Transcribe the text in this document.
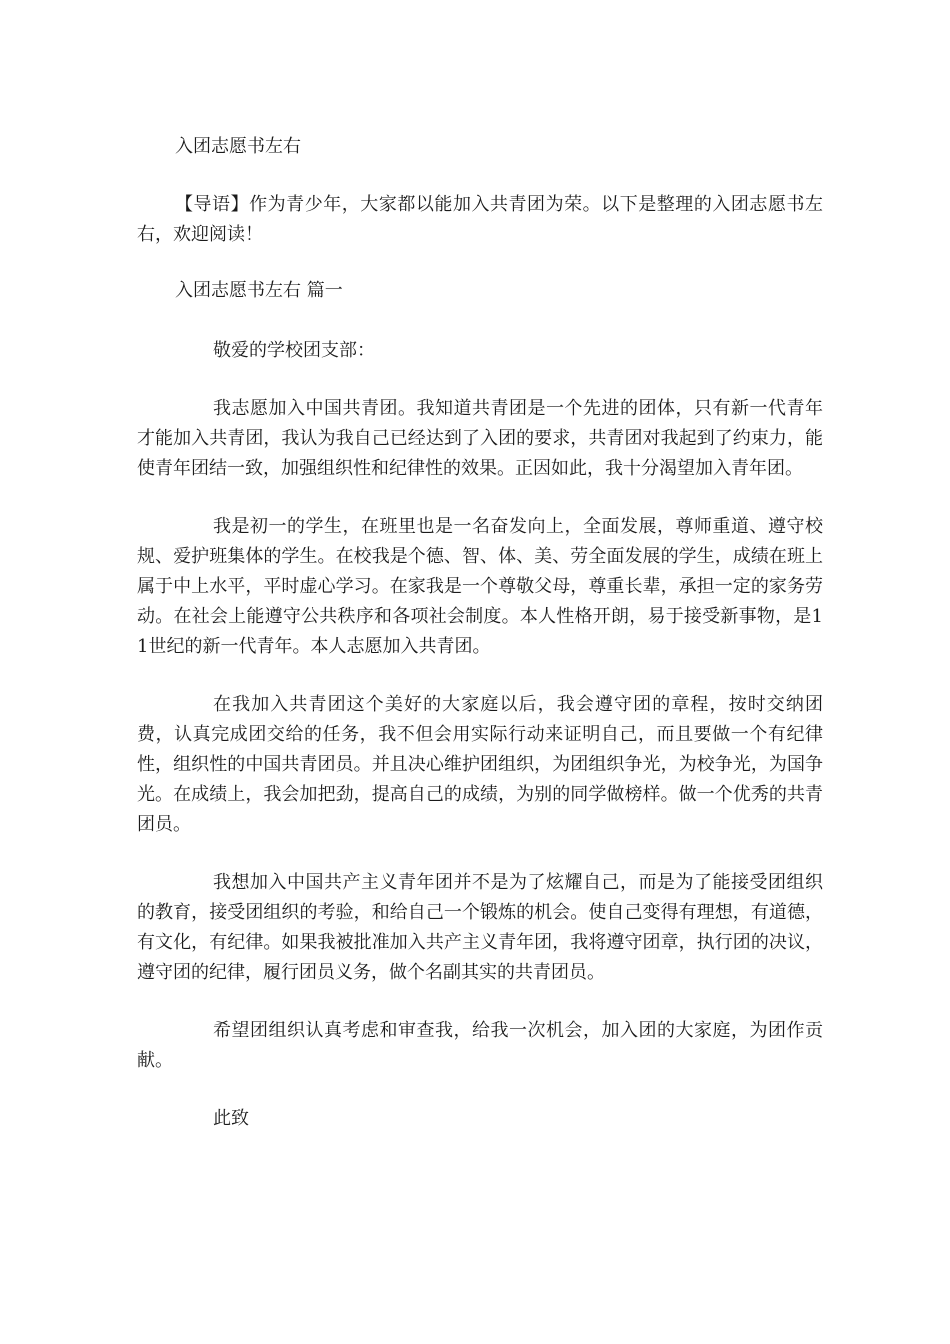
入团志愿书左右

【导语】作为青少年，大家都以能加入共青团为荣。以下是整理的入团志愿书左右，欢迎阅读！

入团志愿书左右 篇一

敬爱的学校团支部：

我志愿加入中国共青团。我知道共青团是一个先进的团体，只有新一代青年才能加入共青团，我认为我自己已经达到了入团的要求，共青团对我起到了约束力，能使青年团结一致，加强组织性和纪律性的效果。正因如此，我十分渴望加入青年团。

我是初一的学生，在班里也是一名奋发向上，全面发展，尊师重道、遵守校规、爱护班集体的学生。在校我是个德、智、体、美、劳全面发展的学生，成绩在班上属于中上水平，平时虚心学习。在家我是一个尊敬父母，尊重长辈，承担一定的家务劳动。在社会上能遵守公共秩序和各项社会制度。本人性格开朗，易于接受新事物，是11世纪的新一代青年。本人志愿加入共青团。

在我加入共青团这个美好的大家庭以后，我会遵守团的章程，按时交纳团费，认真完成团交给的任务，我不但会用实际行动来证明自己，而且要做一个有纪律性，组织性的中国共青团员。并且决心维护团组织，为团组织争光，为校争光，为国争光。在成绩上，我会加把劲，提高自己的成绩，为别的同学做榜样。做一个优秀的共青团员。

我想加入中国共产主义青年团并不是为了炫耀自己，而是为了能接受团组织的教育，接受团组织的考验，和给自己一个锻炼的机会。使自己变得有理想，有道德，有文化，有纪律。如果我被批准加入共产主义青年团，我将遵守团章，执行团的决议，遵守团的纪律，履行团员义务，做个名副其实的共青团员。

希望团组织认真考虑和审查我，给我一次机会，加入团的大家庭，为团作贡献。

此致
